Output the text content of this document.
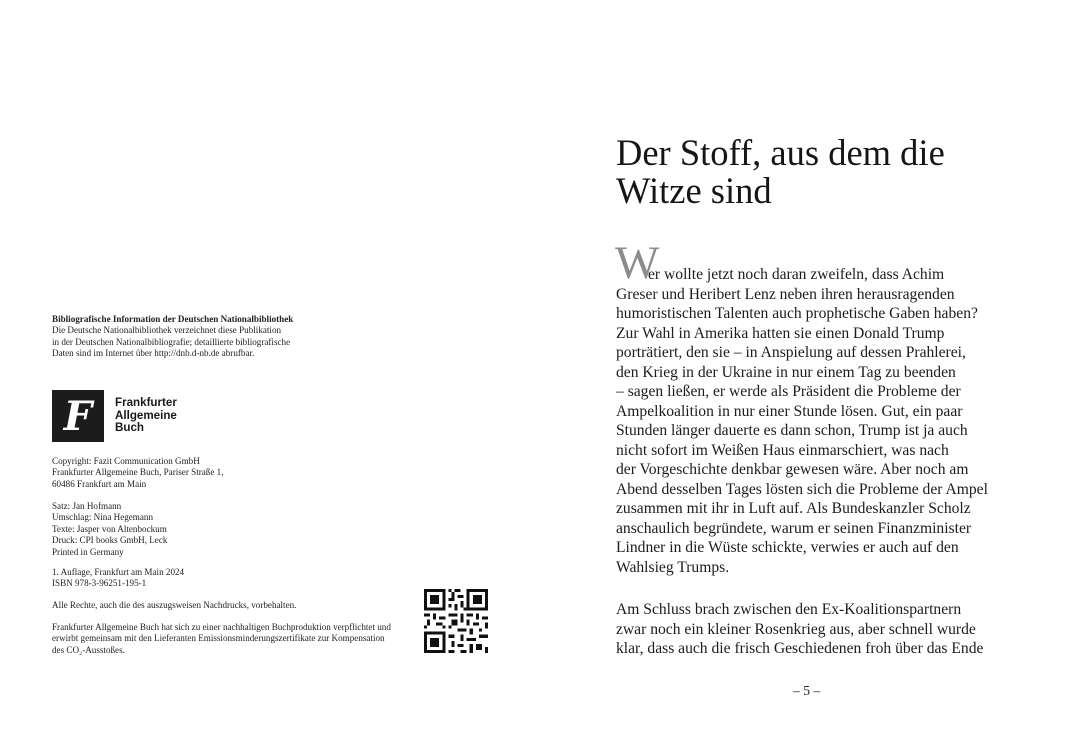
Bibliografische Information der Deutschen Nationalbibliothek
Die Deutsche Nationalbibliothek verzeichnet diese Publikation
in der Deutschen Nationalbibliografie; detaillierte bibliografische
Daten sind im Internet über http://dnb.d-nb.de abrufbar.
F Frankfurter
Allgemeine
Buch
Copyright: Fazit Communication GmbH
Frankfurter Allgemeine Buch, Pariser Straße 1,
60486 Frankfurt am Main
Satz: Jan Hofmann
Umschlag: Nina Hegemann
Texte: Jasper von Altenbockum
Druck: CPI books GmbH, Leck
Printed in Germany
1. Auflage, Frankfurt am Main 2024
ISBN 978-3-96251-195-1
Alle Rechte, auch die des auszugsweisen Nachdrucks, vorbehalten.
Frankfurter Allgemeine Buch hat sich zu einer nachhaltigen Buchproduktion verpflichtet und
erwirbt gemeinsam mit den Lieferanten Emissionsminderungszertifikate zur Kompensation
des CO₂-Ausstoßes.
Der Stoff, aus dem die
Witze sind
W
er wollte jetzt noch daran zweifeln, dass Achim
Greser und Heribert Lenz neben ihren herausragenden
humoristischen Talenten auch prophetische Gaben haben?
Zur Wahl in Amerika hatten sie einen Donald Trump
porträtiert, den sie – in Anspielung auf dessen Prahlerei,
den Krieg in der Ukraine in nur einem Tag zu beenden
– sagen ließen, er werde als Präsident die Probleme der
Ampelkoalition in nur einer Stunde lösen. Gut, ein paar
Stunden länger dauerte es dann schon, Trump ist ja auch
nicht sofort im Weißen Haus einmarschiert, was nach
der Vorgeschichte denkbar gewesen wäre. Aber noch am
Abend desselben Tages lösten sich die Probleme der Ampel
zusammen mit ihr in Luft auf. Als Bundeskanzler Scholz
anschaulich begründete, warum er seinen Finanzminister
Lindner in die Wüste schickte, verwies er auch auf den
Wahlsieg Trumps.
Am Schluss brach zwischen den Ex-Koalitionspartnern
zwar noch ein kleiner Rosenkrieg aus, aber schnell wurde
klar, dass auch die frisch Geschiedenen froh über das Ende
– 5 –
